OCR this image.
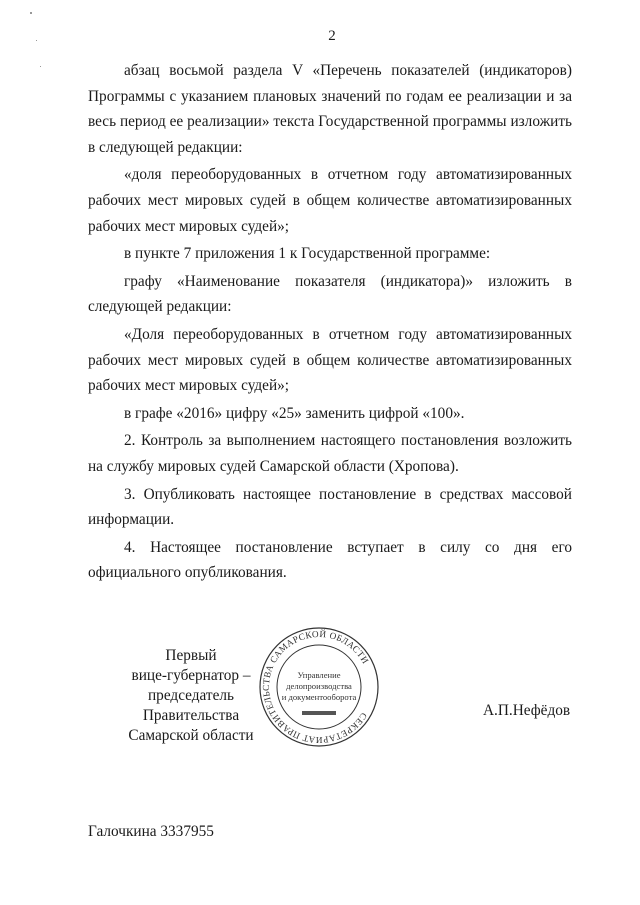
2

абзац восьмой раздела V «Перечень показателей (индикаторов) Программы с указанием плановых значений по годам ее реализации и за весь период ее реализации» текста Государственной программы изложить в следующей редакции:

«доля переоборудованных в отчетном году автоматизированных рабочих мест мировых судей в общем количестве автоматизированных рабочих мест мировых судей»;

в пункте 7 приложения 1 к Государственной программе:

графу «Наименование показателя (индикатора)» изложить в следующей редакции:

«Доля переоборудованных в отчетном году автоматизированных рабочих мест мировых судей в общем количестве автоматизированных рабочих мест мировых судей»;

в графе «2016» цифру «25» заменить цифрой «100».

2. Контроль за выполнением настоящего постановления возложить на службу мировых судей Самарской области (Хропова).

3. Опубликовать настоящее постановление в средствах массовой информации.

4. Настоящее постановление вступает в силу со дня его официального опубликования.

Первый
вице-губернатор –
председатель Правительства
Самарской области
СЕКРЕТАРИАТ ПРАВИТЕЛЬСТВА САМАРСКОЙ ОБЛАСТИ
Управление
делопроизводства
и документооборота
А.П.Нефёдов
Галочкина 3337955
